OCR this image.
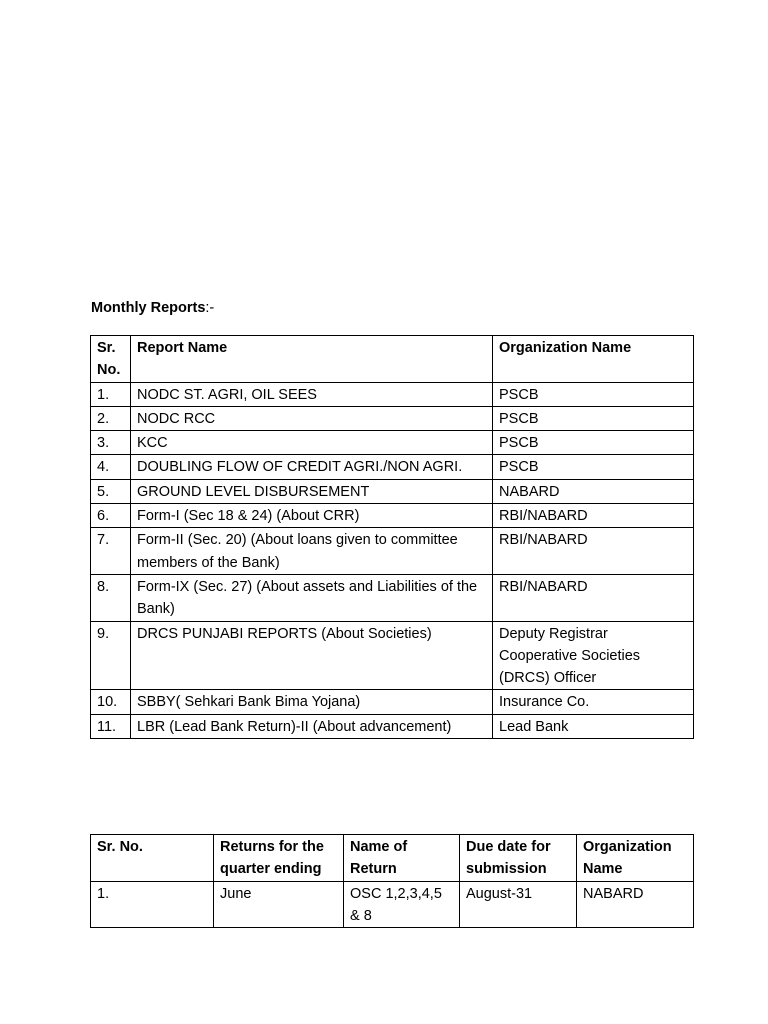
Monthly Reports:-
Sr. No.	Report Name	Organization Name
1.	NODC ST. AGRI, OIL SEES	PSCB
2.	NODC RCC	PSCB
3.	KCC	PSCB
4.	DOUBLING FLOW OF CREDIT AGRI./NON AGRI.	PSCB
5.	GROUND LEVEL DISBURSEMENT	NABARD
6.	Form-I (Sec 18 & 24) (About CRR)	RBI/NABARD
7.	Form-II (Sec. 20) (About loans given to committee members of the Bank)	RBI/NABARD
8.	Form-IX (Sec. 27) (About assets and Liabilities of the Bank)	RBI/NABARD
9.	DRCS PUNJABI REPORTS (About Societies)	Deputy Registrar Cooperative Societies (DRCS) Officer
10.	SBBY( Sehkari Bank Bima Yojana)	Insurance Co.
11.	LBR (Lead Bank Return)-II (About advancement)	Lead Bank
Sr. No.	Returns for the quarter ending	Name of Return	Due date for submission	Organization Name
1.	June	OSC 1,2,3,4,5 & 8	August-31	NABARD
